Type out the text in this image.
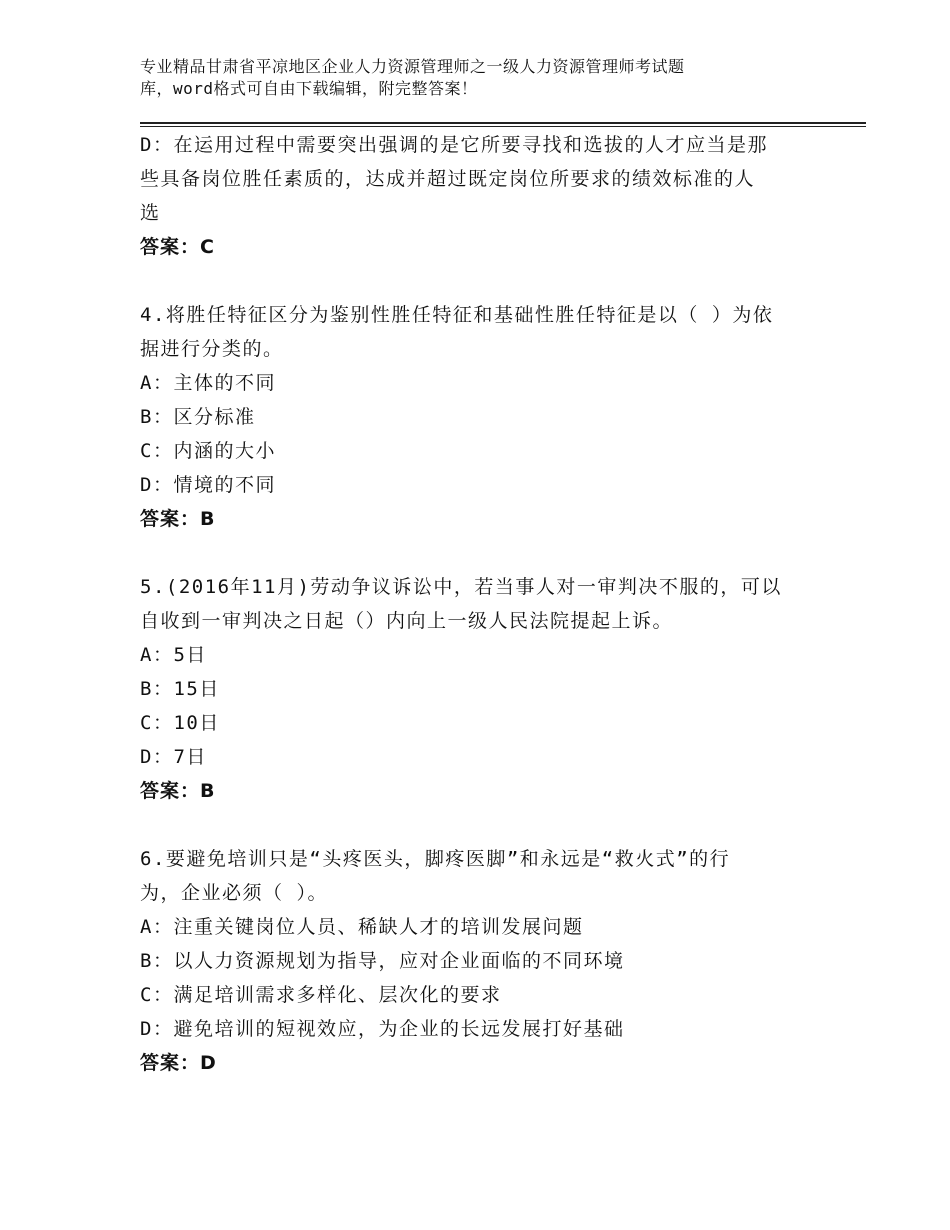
专业精品甘肃省平凉地区企业人力资源管理师之一级人力资源管理师考试题
库，word格式可自由下载编辑，附完整答案！
D：在运用过程中需要突出强调的是它所要寻找和选拔的人才应当是那
些具备岗位胜任素质的，达成并超过既定岗位所要求的绩效标准的人
选
答案：C
4.将胜任特征区分为鉴别性胜任特征和基础性胜任特征是以（ ）为依
据进行分类的。
A：主体的不同
B：区分标准
C：内涵的大小
D：情境的不同
答案：B
5.(2016年11月)劳动争议诉讼中，若当事人对一审判决不服的，可以
自收到一审判决之日起（）内向上一级人民法院提起上诉。
A：5日
B：15日
C：10日
D：7日
答案：B
6.要避免培训只是“头疼医头，脚疼医脚”和永远是“救火式”的行
为，企业必须（ ）。
A：注重关键岗位人员、稀缺人才的培训发展问题
B：以人力资源规划为指导，应对企业面临的不同环境
C：满足培训需求多样化、层次化的要求
D：避免培训的短视效应，为企业的长远发展打好基础
答案：D
